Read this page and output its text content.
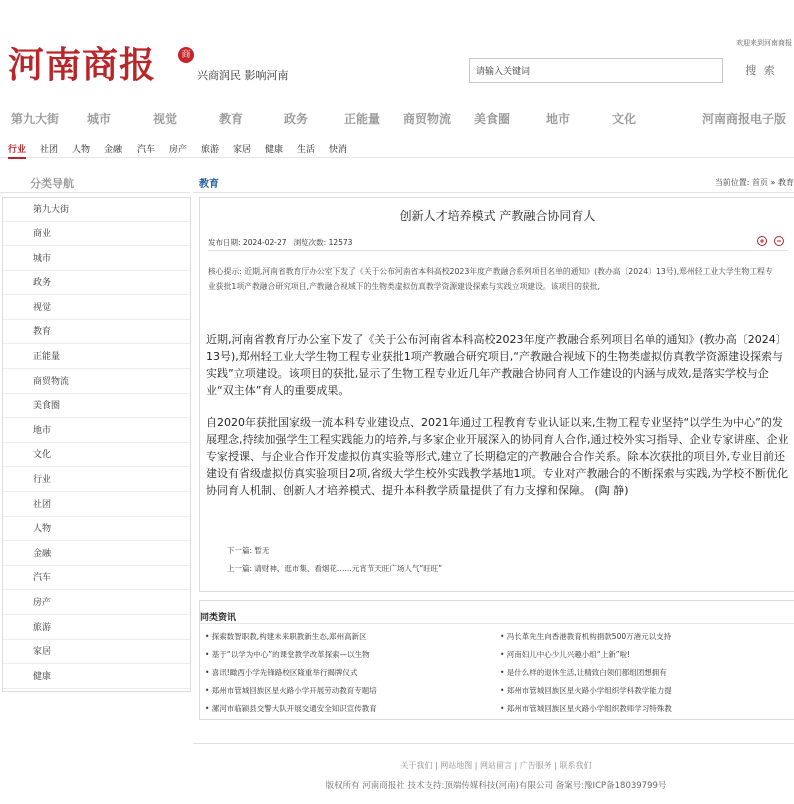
河南商报	商
兴商润民 影响河南
欢迎来到河南商报
请输入关键词
搜 索
第九大街 城市	视觉	教育	政务	正能量 商贸物流 美食圈	地市	文化	河南商报电子版
行业 社团 人物 金融 汽车 房产 旅游 家居 健康 生活 快消
分类导航
第九大街
商业
城市
政务
视觉
教育
正能量
商贸物流
美食圈
地市
文化
行业
社团
人物
金融
汽车
房产
旅游
家居
健康
教育	当前位置: 首页 » 教育
创新人才培养模式 产教融合协同育人
发布日期: 2024-02-27 浏览次数: 12573

核心提示: 近期,河南省教育厅办公室下发了《关于公布河南省本科高校2023年度产教融合系列项目名单的通知》(教办高〔2024〕13号),郑州轻工业大学生物工程专业获批1项产教融合研究项目,产教融合视域下的生物类虚拟仿真教学资源建设探索与实践立项建设。该项目的获批,
近期,河南省教育厅办公室下发了《关于公布河南省本科高校2023年度产教融合系列项目名单的通知》(教办高〔2024〕13号),郑州轻工业大学生物工程专业获批1项产教融合研究项目,“产教融合视域下的生物类虚拟仿真教学资源建设探索与实践”立项建设。该项目的获批,显示了生物工程专业近几年产教融合协同育人工作建设的内涵与成效,是落实学校与企业“双主体”育人的重要成果。
自2020年获批国家级一流本科专业建设点、2021年通过工程教育专业认证以来,生物工程专业坚持“以学生为中心”的发展理念,持续加强学生工程实践能力的培养,与多家企业开展深入的协同育人合作,通过校外实习指导、企业专家讲座、企业专家授课、与企业合作开发虚拟仿真实验等形式,建立了长期稳定的产教融合合作关系。除本次获批的项目外,专业目前还建设有省级虚拟仿真实验项目2项,省级大学生校外实践教学基地1项。专业对产教融合的不断探索与实践,为学校不断优化协同育人机制、创新人才培养模式、提升本科教学质量提供了有力支撑和保障。 (陶 静)
下一篇: 暂无
上一篇: 请财神、逛市集、看烟花……元宵节天旺广场人气“旺旺”
同类资讯
• 探索数智职教,构建未来职教新生态,郑州高新区	• 冯长革先生向香港教育机构捐款500万港元以支持
• 基于“以学为中心”的课堂教学改革探索—以生物	• 河南妇儿中心少儿兴趣小组“上新”啦!
• 喜讯!瞰西小学先锋路校区隆重举行揭牌仪式	• 是什么样的退休生活,让精致白领们都组团想拥有
• 郑州市管城回族区星火路小学开展劳动教育专题培	• 郑州市管城回族区星火路小学组织学科教学能力提
• 漯河市临颍县交警大队开展交通安全知识宣传教育	• 郑州市管城回族区星火路小学组织教师学习特殊教
关于我们 | 网站地图 | 网站留言 | 广告服务 | 联系我们
版权所有 河南商报社 技术支持:顶端传媒科技(河南)有限公司 备案号:豫ICP备18039799号
